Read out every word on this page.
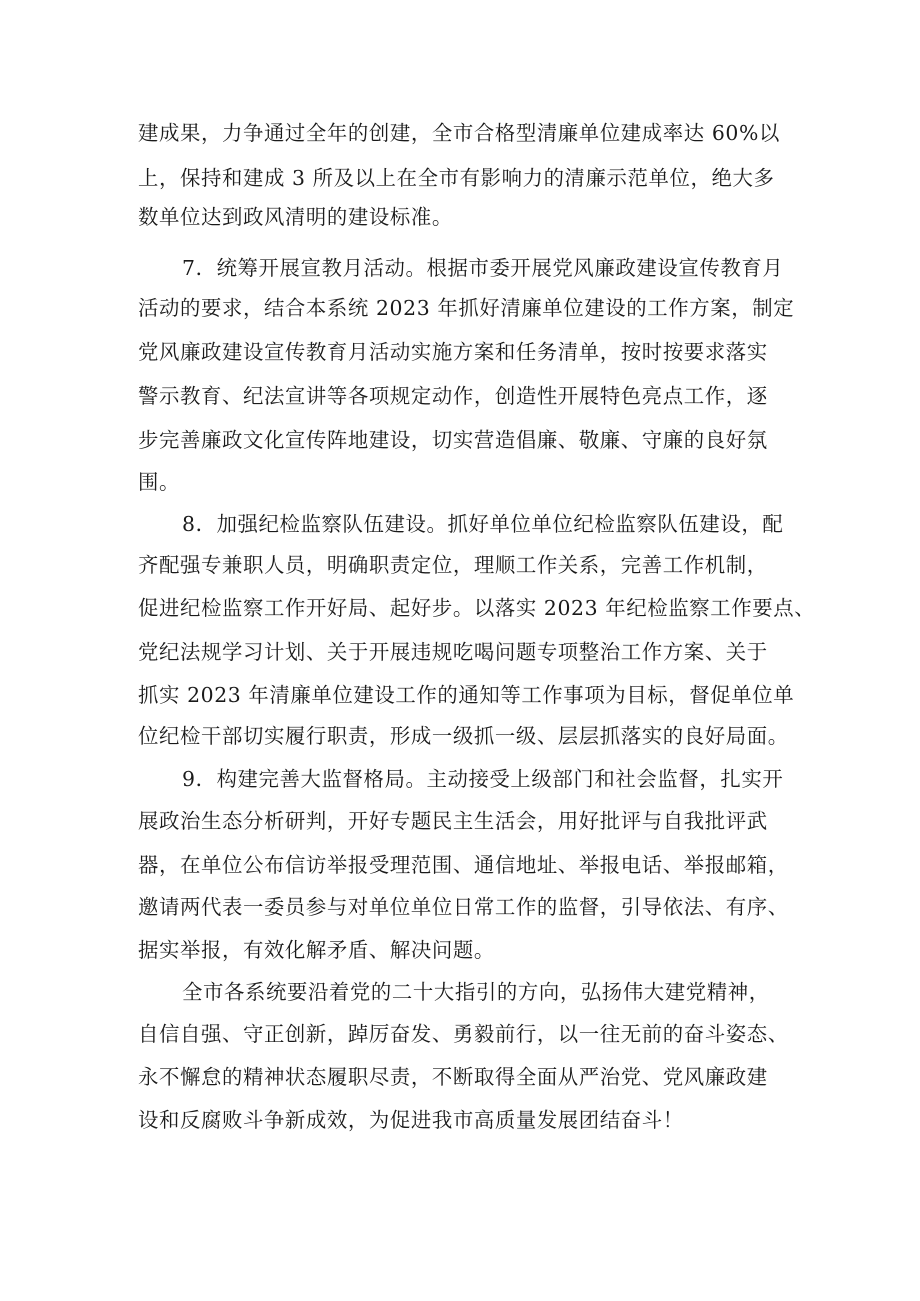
建成果，力争通过全年的创建，全市合格型清廉单位建成率达 60%以
上，保持和建成 3 所及以上在全市有影响力的清廉示范单位，绝大多
数单位达到政风清明的建设标准。
7．统筹开展宣教月活动。根据市委开展党风廉政建设宣传教育月
活动的要求，结合本系统 2023 年抓好清廉单位建设的工作方案，制定
党风廉政建设宣传教育月活动实施方案和任务清单，按时按要求落实
警示教育、纪法宣讲等各项规定动作，创造性开展特色亮点工作，逐
步完善廉政文化宣传阵地建设，切实营造倡廉、敬廉、守廉的良好氛
围。
8．加强纪检监察队伍建设。抓好单位单位纪检监察队伍建设，配
齐配强专兼职人员，明确职责定位，理顺工作关系，完善工作机制，
促进纪检监察工作开好局、起好步。以落实 2023 年纪检监察工作要点、
党纪法规学习计划、关于开展违规吃喝问题专项整治工作方案、关于
抓实 2023 年清廉单位建设工作的通知等工作事项为目标，督促单位单
位纪检干部切实履行职责，形成一级抓一级、层层抓落实的良好局面。
9．构建完善大监督格局。主动接受上级部门和社会监督，扎实开
展政治生态分析研判，开好专题民主生活会，用好批评与自我批评武
器，在单位公布信访举报受理范围、通信地址、举报电话、举报邮箱，
邀请两代表一委员参与对单位单位日常工作的监督，引导依法、有序、
据实举报，有效化解矛盾、解决问题。
全市各系统要沿着党的二十大指引的方向，弘扬伟大建党精神，
自信自强、守正创新，踔厉奋发、勇毅前行，以一往无前的奋斗姿态、
永不懈怠的精神状态履职尽责，不断取得全面从严治党、党风廉政建
设和反腐败斗争新成效，为促进我市高质量发展团结奋斗！
